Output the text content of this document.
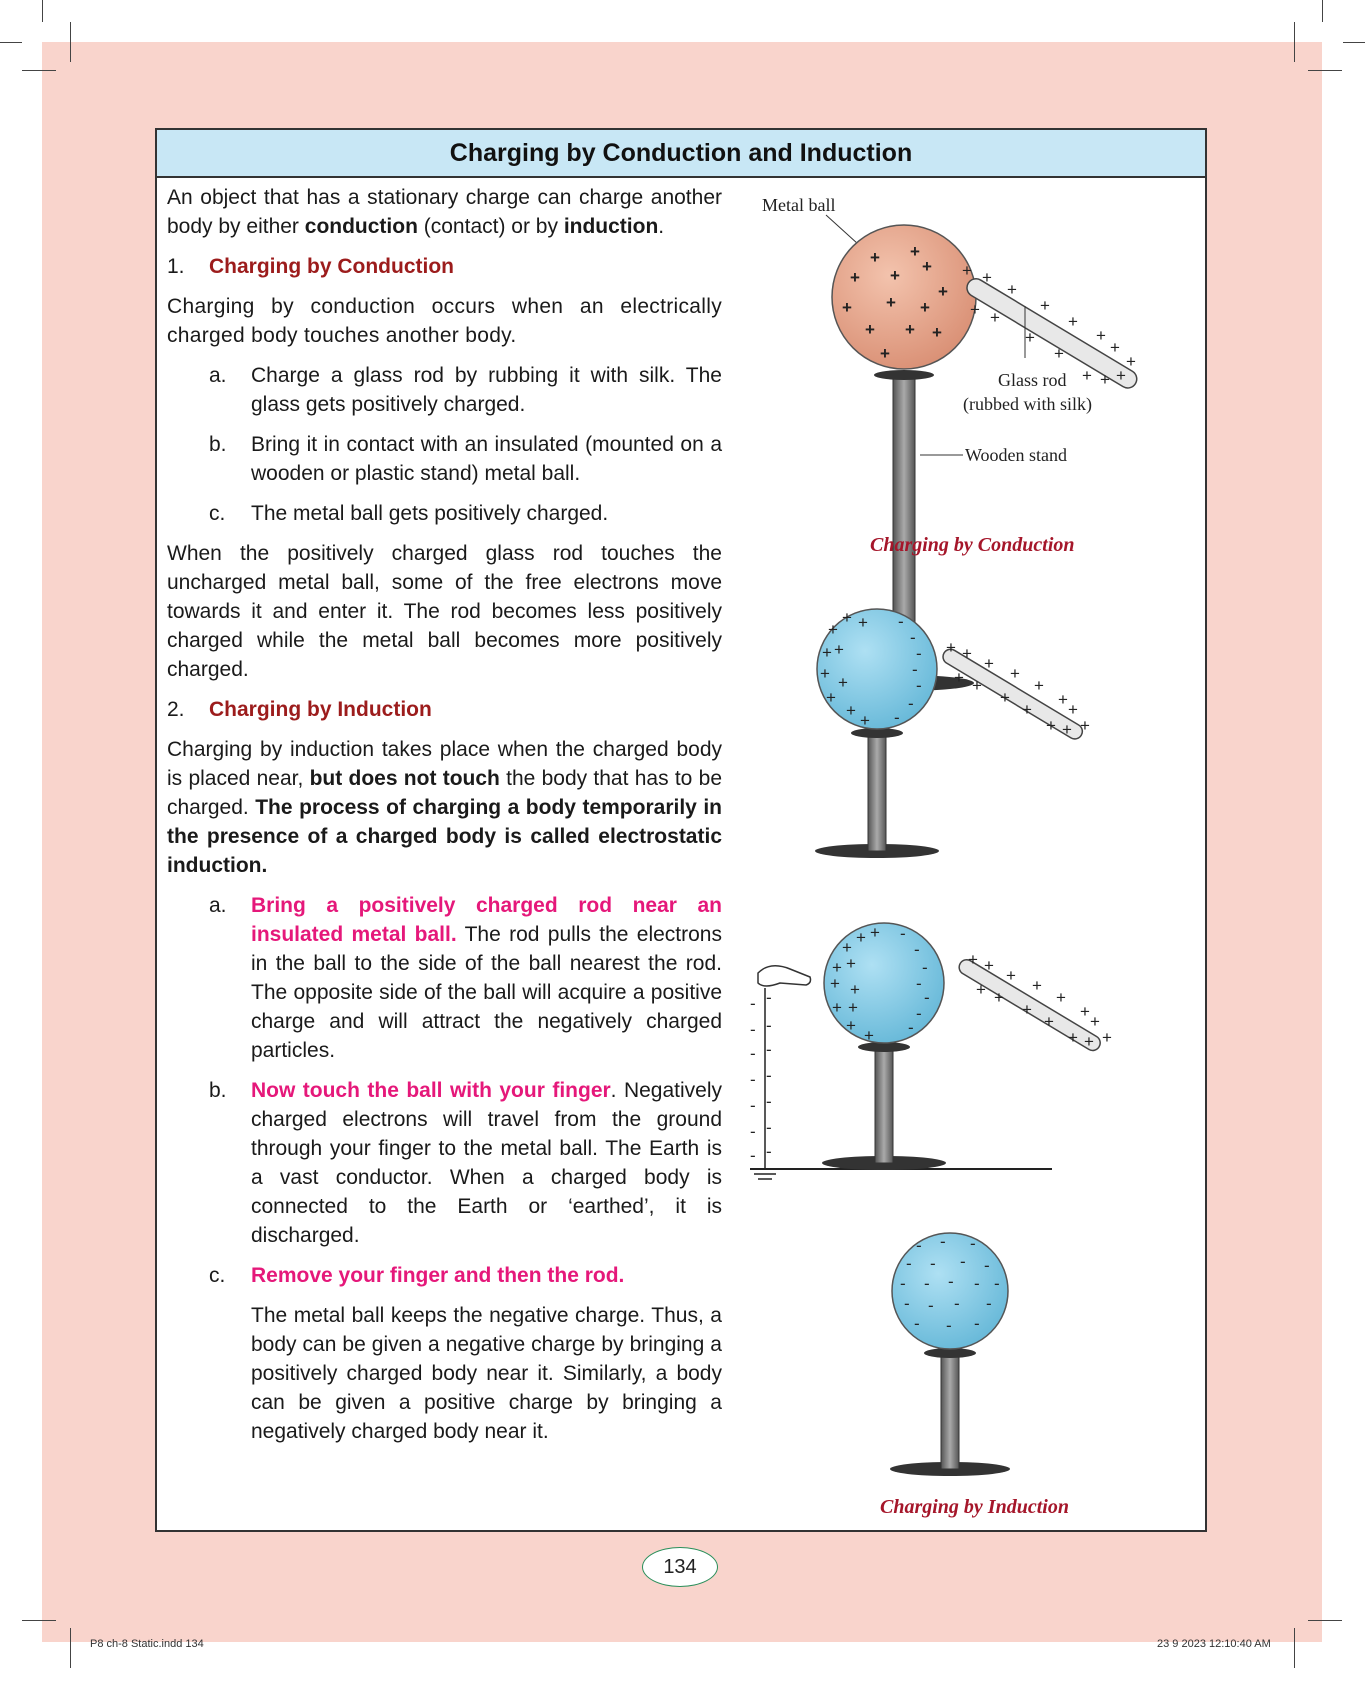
Charging by Conduction and Induction

An object that has a stationary charge can charge another body by either conduction (contact) or by induction.

1. Charging by Conduction

Charging by conduction occurs when an electrically charged body touches another body.

a. Charge a glass rod by rubbing it with silk. The glass gets positively charged.
b. Bring it in contact with an insulated (mounted on a wooden or plastic stand) metal ball.
c. The metal ball gets positively charged.

When the positively charged glass rod touches the uncharged metal ball, some of the free electrons move towards it and enter it. The rod becomes less positively charged while the metal ball becomes more positively charged.

2. Charging by Induction

Charging by induction takes place when the charged body is placed near, but does not touch the body that has to be charged. The process of charging a body temporarily in the presence of a charged body is called electrostatic induction.

a. Bring a positively charged rod near an insulated metal ball. The rod pulls the electrons in the ball to the side of the ball nearest the rod. The opposite side of the ball will acquire a positive charge and will attract the negatively charged particles.
b. Now touch the ball with your finger. Negatively charged electrons will travel from the ground through your finger to the metal ball. The Earth is a vast conductor. When a charged body is connected to the Earth or ‘earthed’, it is discharged.
c. Remove your finger and then the rod.

The metal ball keeps the negative charge. Thus, a body can be given a negative charge by bringing a positively charged body near it. Similarly, a body can be given a positive charge by bringing a negatively charged body near it.

Metal ball
Glass rod
(rubbed with silk)
Wooden stand
+ +
+
+ +
+
+ + +
+ + +
+
+ +
+
+ +
+
+
+
+
+
+
+ + +
+
Charging by Conduction
+
+ +
+ +
+ +
+
+
+
-
-
-
-
-
-
-
+ +
+
+ +
+
+
+
+
+
+
+ + +
+
+ +
+ +
+ +
+ +
+
+
-
-
-
-
-
-
-
- -
- -
- -
- -
- -
- -
- -
+ +
+
+ +
+
+
+
+
+
+
+ + +
- - -
- - - -
- - - - -
- - - -
- - -
Charging by Induction
134
P8 ch-8 Static.indd 134	23 9 2023 12:10:40 AM
